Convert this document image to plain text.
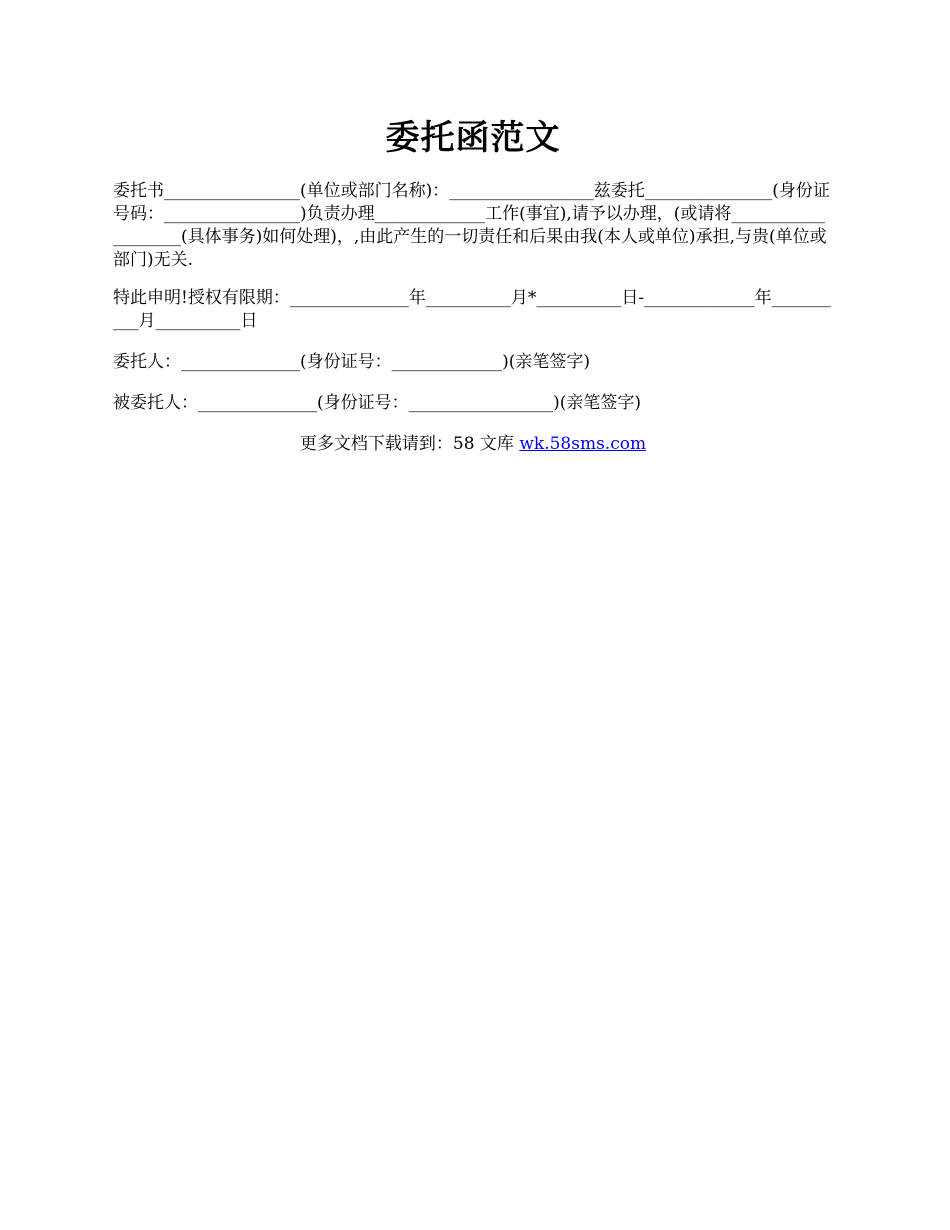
委托函范文

委托书________________(单位或部门名称)：_________________兹委托_______________(身份证号码：________________)负责办理_____________工作(事宜),请予以办理，(或请将___________________(具体事务)如何处理)，,由此产生的一切责任和后果由我(本人或单位)承担,与贵(单位或部门)无关.

特此申明!授权有限期：______________年__________月*__________日-_____________年__________月__________日

委托人：______________(身份证号：_____________)(亲笔签字)

被委托人：______________(身份证号：_________________)(亲笔签字)

更多文档下载请到：58 文库 wk.58sms.com
